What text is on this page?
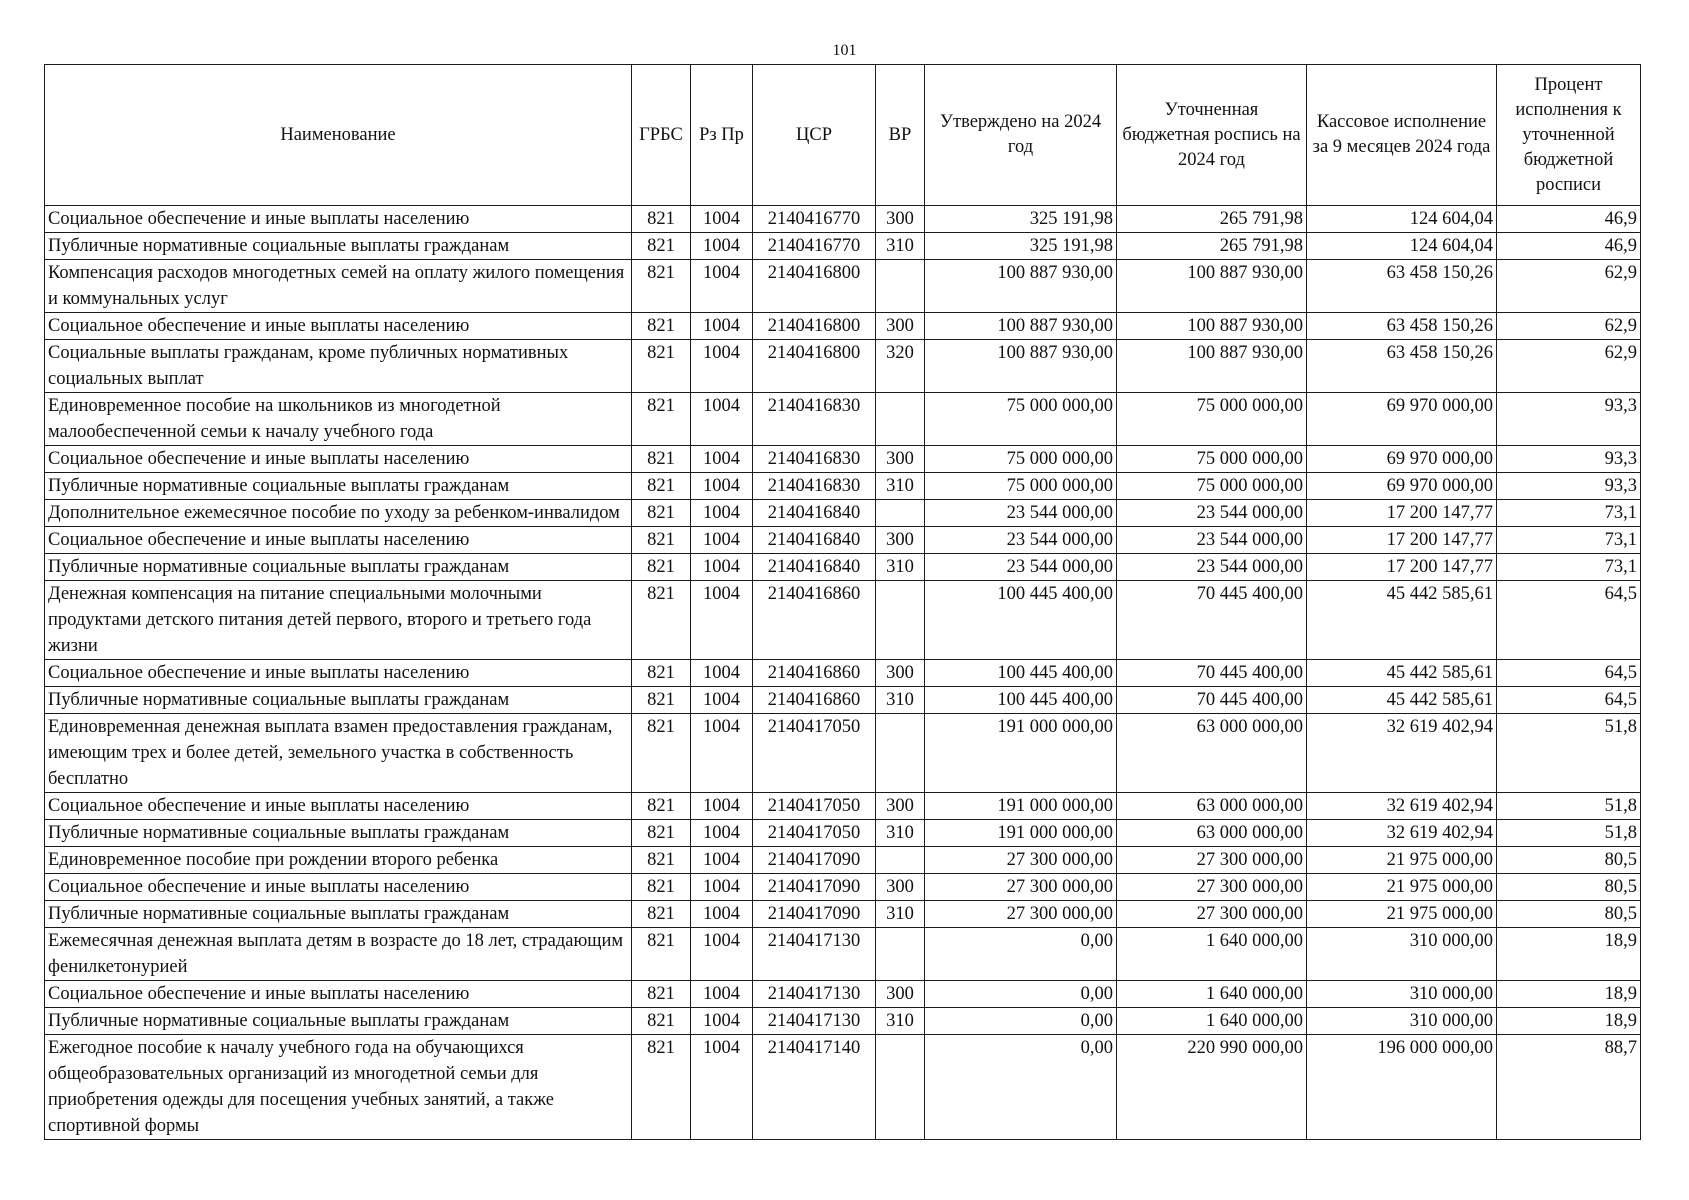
101
Наименование	ГРБС	Рз Пр	ЦСР	ВР	Утверждено на 2024 год	Уточненная бюджетная роспись на 2024 год	Кассовое исполнение за 9 месяцев 2024 года	Процент исполнения к уточненной бюджетной росписи
Социальное обеспечение и иные выплаты населению	821	1004	2140416770	300	325 191,98	265 791,98	124 604,04	46,9
Публичные нормативные социальные выплаты гражданам	821	1004	2140416770	310	325 191,98	265 791,98	124 604,04	46,9
Компенсация расходов многодетных семей на оплату жилого помещения и коммунальных услуг	821	1004	2140416800		100 887 930,00	100 887 930,00	63 458 150,26	62,9
Социальное обеспечение и иные выплаты населению	821	1004	2140416800	300	100 887 930,00	100 887 930,00	63 458 150,26	62,9
Социальные выплаты гражданам, кроме публичных нормативных социальных выплат	821	1004	2140416800	320	100 887 930,00	100 887 930,00	63 458 150,26	62,9
Единовременное пособие на школьников из многодетной малообеспеченной семьи к началу учебного года	821	1004	2140416830		75 000 000,00	75 000 000,00	69 970 000,00	93,3
Социальное обеспечение и иные выплаты населению	821	1004	2140416830	300	75 000 000,00	75 000 000,00	69 970 000,00	93,3
Публичные нормативные социальные выплаты гражданам	821	1004	2140416830	310	75 000 000,00	75 000 000,00	69 970 000,00	93,3
Дополнительное ежемесячное пособие по уходу за ребенком-инвалидом	821	1004	2140416840		23 544 000,00	23 544 000,00	17 200 147,77	73,1
Социальное обеспечение и иные выплаты населению	821	1004	2140416840	300	23 544 000,00	23 544 000,00	17 200 147,77	73,1
Публичные нормативные социальные выплаты гражданам	821	1004	2140416840	310	23 544 000,00	23 544 000,00	17 200 147,77	73,1
Денежная компенсация на питание специальными молочными продуктами детского питания детей первого, второго и третьего года жизни	821	1004	2140416860		100 445 400,00	70 445 400,00	45 442 585,61	64,5
Социальное обеспечение и иные выплаты населению	821	1004	2140416860	300	100 445 400,00	70 445 400,00	45 442 585,61	64,5
Публичные нормативные социальные выплаты гражданам	821	1004	2140416860	310	100 445 400,00	70 445 400,00	45 442 585,61	64,5
Единовременная денежная выплата взамен предоставления гражданам, имеющим трех и более детей, земельного участка в собственность бесплатно	821	1004	2140417050		191 000 000,00	63 000 000,00	32 619 402,94	51,8
Социальное обеспечение и иные выплаты населению	821	1004	2140417050	300	191 000 000,00	63 000 000,00	32 619 402,94	51,8
Публичные нормативные социальные выплаты гражданам	821	1004	2140417050	310	191 000 000,00	63 000 000,00	32 619 402,94	51,8
Единовременное пособие при рождении второго ребенка	821	1004	2140417090		27 300 000,00	27 300 000,00	21 975 000,00	80,5
Социальное обеспечение и иные выплаты населению	821	1004	2140417090	300	27 300 000,00	27 300 000,00	21 975 000,00	80,5
Публичные нормативные социальные выплаты гражданам	821	1004	2140417090	310	27 300 000,00	27 300 000,00	21 975 000,00	80,5
Ежемесячная денежная выплата детям в возрасте до 18 лет, страдающим фенилкетонурией	821	1004	2140417130		0,00	1 640 000,00	310 000,00	18,9
Социальное обеспечение и иные выплаты населению	821	1004	2140417130	300	0,00	1 640 000,00	310 000,00	18,9
Публичные нормативные социальные выплаты гражданам	821	1004	2140417130	310	0,00	1 640 000,00	310 000,00	18,9
Ежегодное пособие к началу учебного года на обучающихся общеобразовательных организаций из многодетной семьи для приобретения одежды для посещения учебных занятий, а также спортивной формы	821	1004	2140417140		0,00	220 990 000,00	196 000 000,00	88,7
